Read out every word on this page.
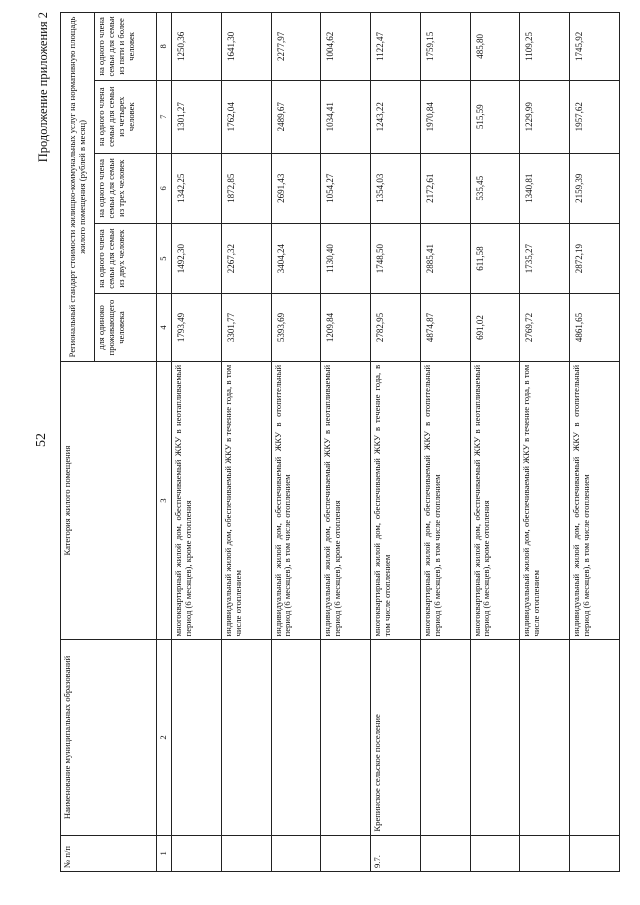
52
Продолжение приложения 2
№ п/п	Наименование муниципальных образований	Категория жилого помещения	Региональный стандарт стоимости жилищно-коммунальных услуг на нормативную площадь жилого помещения (рублей в месяц)				
			для одиноко проживающего человека	на одного члена семьи для семьи из двух человек	на одного члена семьи для семьи из трех человек	на одного члена семьи для семьи из четырех человек	на одного члена семьи для семьи из пяти и более человек
1	2	3	4	5	6	7	8
		многоквартирный жилой дом, обеспечиваемый ЖКУ в неотапливаемый период (6 месяцев), кроме отопления	1793,49	1492,30	1342,25	1301,27	1250,36
		индивидуальный жилой дом, обеспечиваемый ЖКУ в течение года, в том числе отоплением	3301,77	2267,32	1872,85	1762,04	1641,30
		индивидуальный жилой дом, обеспечиваемый ЖКУ в отопительный период (6 месяцев), в том числе отоплением	5393,69	3404,24	2691,43	2489,67	2277,97
		индивидуальный жилой дом, обеспечиваемый ЖКУ в неотапливаемый период (6 месяцев), кроме отопления	1209,84	1130,40	1054,27	1034,41	1004,62
9.7.	Крепинское сельское поселение	многоквартирный жилой дом, обеспечиваемый ЖКУ в течение года, в том числе отоплением	2782,95	1748,50	1354,03	1243,22	1122,47
		многоквартирный жилой дом, обеспечиваемый ЖКУ в отопительный период (6 месяцев), в том числе отоплением	4874,87	2885,41	2172,61	1970,84	1759,15
		многоквартирный жилой дом, обеспечиваемый ЖКУ в неотапливаемый период (6 месяцев), кроме отопления	691,02	611,58	535,45	515,59	485,80
		индивидуальный жилой дом, обеспечиваемый ЖКУ в течение года, в том числе отоплением	2769,72	1735,27	1340,81	1229,99	1109,25
		индивидуальный жилой дом, обеспечиваемый ЖКУ в отопительный период (6 месяцев), в том числе отоплением	4861,65	2872,19	2159,39	1957,62	1745,92
